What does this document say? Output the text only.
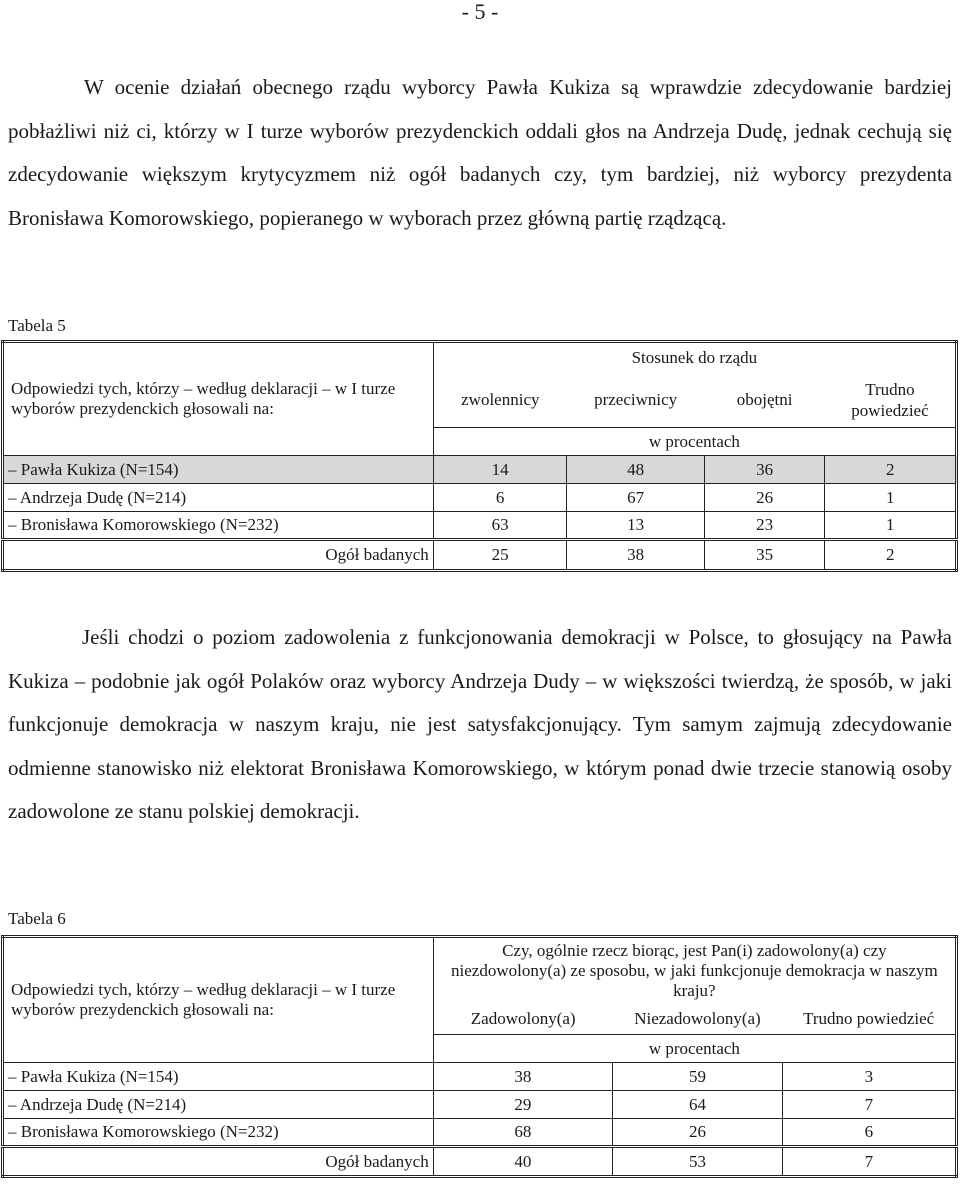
- 5 -

W ocenie działań obecnego rządu wyborcy Pawła Kukiza są wprawdzie zdecydowanie bardziej pobłażliwi niż ci, którzy w I turze wyborów prezydenckich oddali głos na Andrzeja Dudę, jednak cechują się zdecydowanie większym krytycyzmem niż ogół badanych czy, tym bardziej, niż wyborcy prezydenta Bronisława Komorowskiego, popieranego w wyborach przez główną partię rządzącą.

Tabela 5
Odpowiedzi tych, którzy – według deklaracji – w I turze wyborów prezydenckich głosowali na:	Stosunek do rządu			
	zwolennicy	przeciwnicy	obojętni	Trudno powiedzieć
	w procentach			
– Pawła Kukiza (N=154)	14	48	36	2
– Andrzeja Dudę (N=214)	6	67	26	1
– Bronisława Komorowskiego (N=232)	63	13	23	1
Ogół badanych	25	38	35	2

Jeśli chodzi o poziom zadowolenia z funkcjonowania demokracji w Polsce, to głosujący na Pawła Kukiza – podobnie jak ogół Polaków oraz wyborcy Andrzeja Dudy – w większości twierdzą, że sposób, w jaki funkcjonuje demokracja w naszym kraju, nie jest satysfakcjonujący. Tym samym zajmują zdecydowanie odmienne stanowisko niż elektorat Bronisława Komorowskiego, w którym ponad dwie trzecie stanowią osoby zadowolone ze stanu polskiej demokracji.

Tabela 6
Odpowiedzi tych, którzy – według deklaracji – w I turze wyborów prezydenckich głosowali na:	Czy, ogólnie rzecz biorąc, jest Pan(i) zadowolony(a) czy niezdowolony(a) ze sposobu, w jaki funkcjonuje demokracja w naszym kraju?		
	Zadowolony(a)	Niezadowolony(a)	Trudno powiedzieć
	w procentach		
– Pawła Kukiza (N=154)	38	59	3
– Andrzeja Dudę (N=214)	29	64	7
– Bronisława Komorowskiego (N=232)	68	26	6
Ogół badanych	40	53	7
